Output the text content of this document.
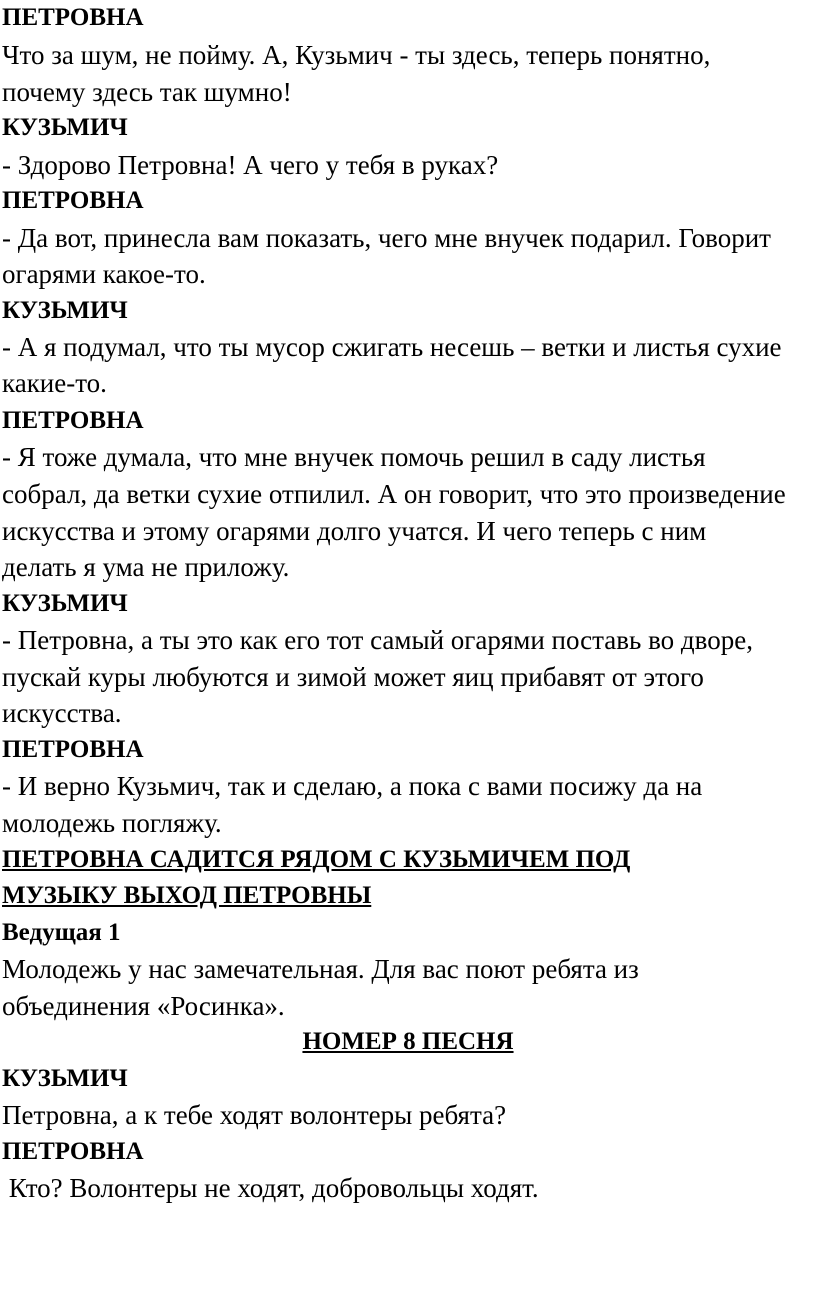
ПЕТРОВНА
Что за шум, не пойму. А, Кузьмич - ты здесь, теперь понятно,
почему здесь так шумно!
КУЗЬМИЧ
- Здорово Петровна! А чего у тебя в руках?
ПЕТРОВНА
- Да вот, принесла вам показать, чего мне внучек подарил. Говорит
огарями какое-то.
КУЗЬМИЧ
- А я подумал, что ты мусор сжигать несешь – ветки и листья сухие
какие-то.
ПЕТРОВНА
- Я тоже думала, что мне внучек помочь решил в саду листья
собрал, да ветки сухие отпилил. А он говорит, что это произведение
искусства и этому огарями долго учатся. И чего теперь с ним
делать я ума не приложу.
КУЗЬМИЧ
- Петровна, а ты это как его тот самый огарями поставь во дворе,
пускай куры любуются и зимой может яиц прибавят от этого
искусства.
ПЕТРОВНА
- И верно Кузьмич, так и сделаю, а пока с вами посижу да на
молодежь погляжу.
ПЕТРОВНА САДИТСЯ РЯДОМ С КУЗЬМИЧЕМ ПОД
МУЗЫКУ ВЫХОД ПЕТРОВНЫ
Ведущая 1
Молодежь у нас замечательная. Для вас поют ребята из
объединения «Росинка».
НОМЕР 8 ПЕСНЯ
КУЗЬМИЧ
Петровна, а к тебе ходят волонтеры ребята?
ПЕТРОВНА
Кто? Волонтеры не ходят, добровольцы ходят.
